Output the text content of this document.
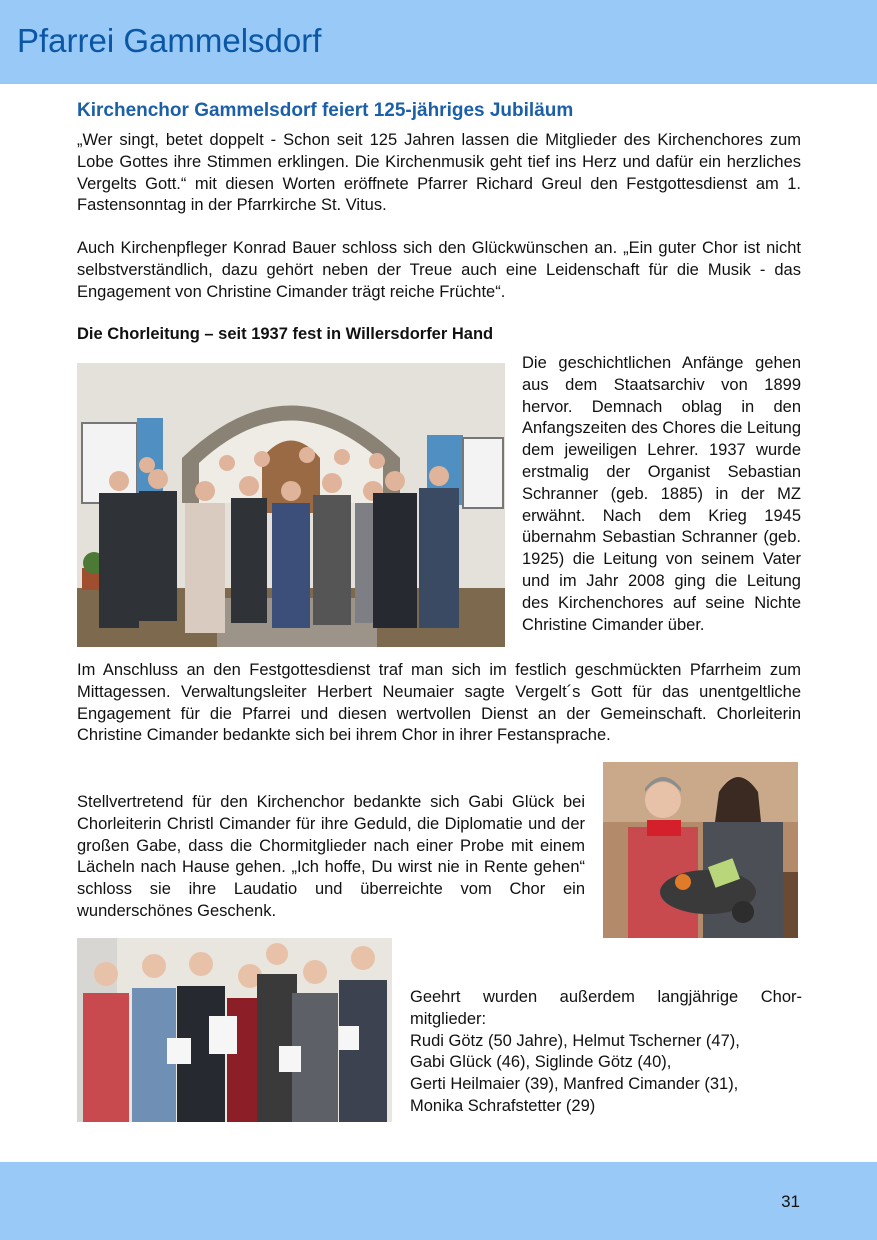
Pfarrei Gammelsdorf
Kirchenchor Gammelsdorf feiert 125-jähriges Jubiläum

„Wer singt, betet doppelt - Schon seit 125 Jahren lassen die Mitglieder des Kirchenchores zum Lobe Gottes ihre Stimmen erklingen. Die Kirchenmusik geht tief ins Herz und dafür ein herzliches Vergelts Gott.“ mit diesen Worten eröffnete Pfarrer Richard Greul den Festgottesdienst am 1. Fastensonntag in der Pfarrkirche St. Vitus.

Auch Kirchenpfleger Konrad Bauer schloss sich den Glückwünschen an. „Ein guter Chor ist nicht selbstverständlich, dazu gehört neben der Treue auch eine Leidenschaft für die Musik - das Engagement von Christine Cimander trägt reiche Früchte“.

Die Chorleitung – seit 1937 fest in Willersdorfer Hand

Die geschichtlichen Anfänge gehen aus dem Staatsarchiv von 1899 hervor. Demnach oblag in den Anfangszeiten des Chores die Leitung dem jeweiligen Lehrer. 1937 wurde erstmalig der Organist Sebastian Schranner (geb. 1885) in der MZ erwähnt. Nach dem Krieg 1945 übernahm Sebastian Schranner (geb. 1925) die Leitung von seinem Vater und im Jahr 2008 ging die Leitung des Kirchenchores auf seine Nichte Christine Cimander über.

Im Anschluss an den Festgottesdienst traf man sich im festlich geschmückten Pfarrheim zum Mittagessen. Verwaltungsleiter Herbert Neumaier sagte Vergelt´s Gott für das unentgeltliche Engagement für die Pfarrei und diesen wertvollen Dienst an der Gemeinschaft. Chorleiterin Christine Cimander bedankte sich bei ihrem Chor in ihrer Festansprache.

Stellvertretend für den Kirchenchor bedankte sich Gabi Glück bei Chorleiterin Christl Cimander für ihre Geduld, die Diplomatie und der großen Gabe, dass die Chormitglieder nach einer Probe mit einem Lächeln nach Hause gehen. „Ich hoffe, Du wirst nie in Rente gehen“ schloss sie ihre Laudatio und überreichte vom Chor ein wunderschönes Geschenk.

Geehrt wurden außerdem langjährige Chor-mitglieder:
Rudi Götz (50 Jahre), Helmut Tscherner (47),
Gabi Glück (46), Siglinde Götz (40),
Gerti Heilmaier (39), Manfred Cimander (31),
Monika Schrafstetter (29)
31
